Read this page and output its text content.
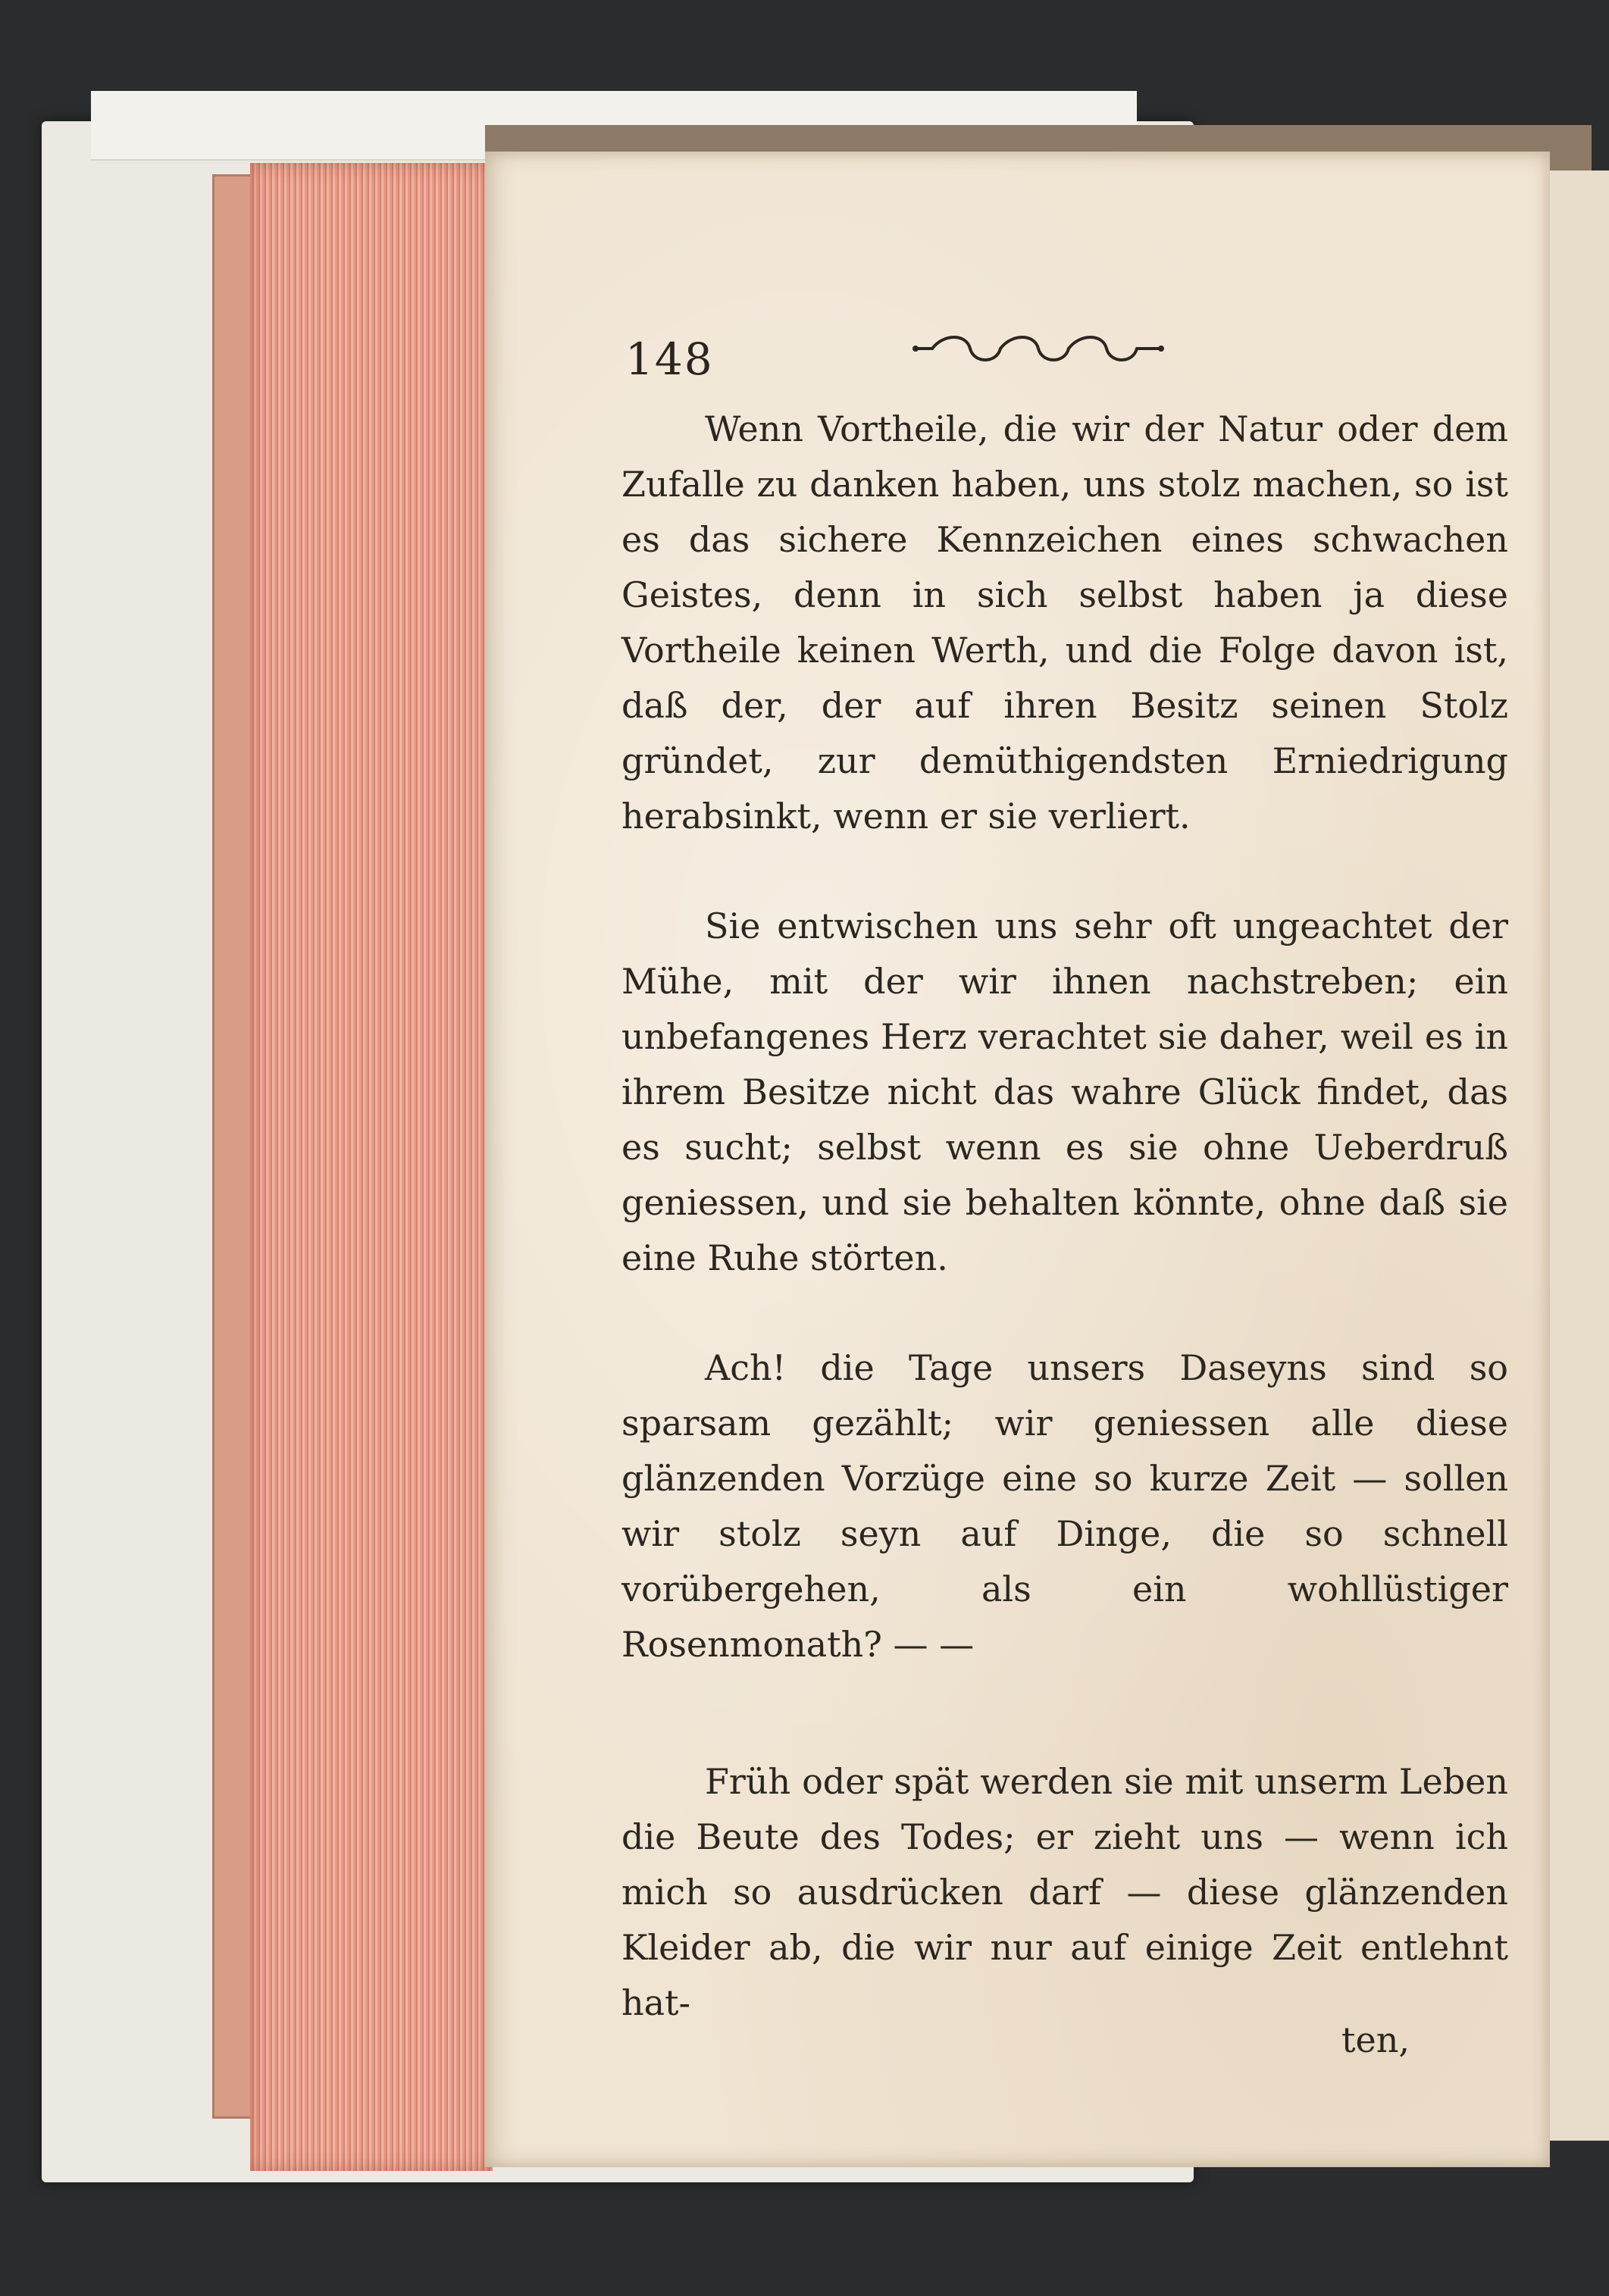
148

Wenn Vortheile, die wir der Natur oder dem Zufalle zu danken haben, uns stolz machen, so ist es das sichere Kennzeichen eines schwachen Geistes, denn in sich selbst haben ja diese Vortheile keinen Werth, und die Folge davon ist, daß der, der auf ihren Besitz seinen Stolz gründet, zur demüthigendsten Erniedrigung herabsinkt, wenn er sie verliert.

Sie entwischen uns sehr oft ungeachtet der Mühe, mit der wir ihnen nachstreben; ein unbefangenes Herz verachtet sie daher, weil es in ihrem Besitze nicht das wahre Glück findet, das es sucht; selbst wenn es sie ohne Ueberdruß geniessen, und sie behalten könnte, ohne daß sie eine Ruhe störten.

Ach! die Tage unsers Daseyns sind so sparsam gezählt; wir geniessen alle diese glänzenden Vorzüge eine so kurze Zeit — sollen wir stolz seyn auf Dinge, die so schnell vorübergehen, als ein wohllüstiger Rosenmonath? — —

Früh oder spät werden sie mit unserm Leben die Beute des Todes; er zieht uns — wenn ich mich so ausdrücken darf — diese glänzenden Kleider ab, die wir nur auf einige Zeit entlehnt hat-

ten,
